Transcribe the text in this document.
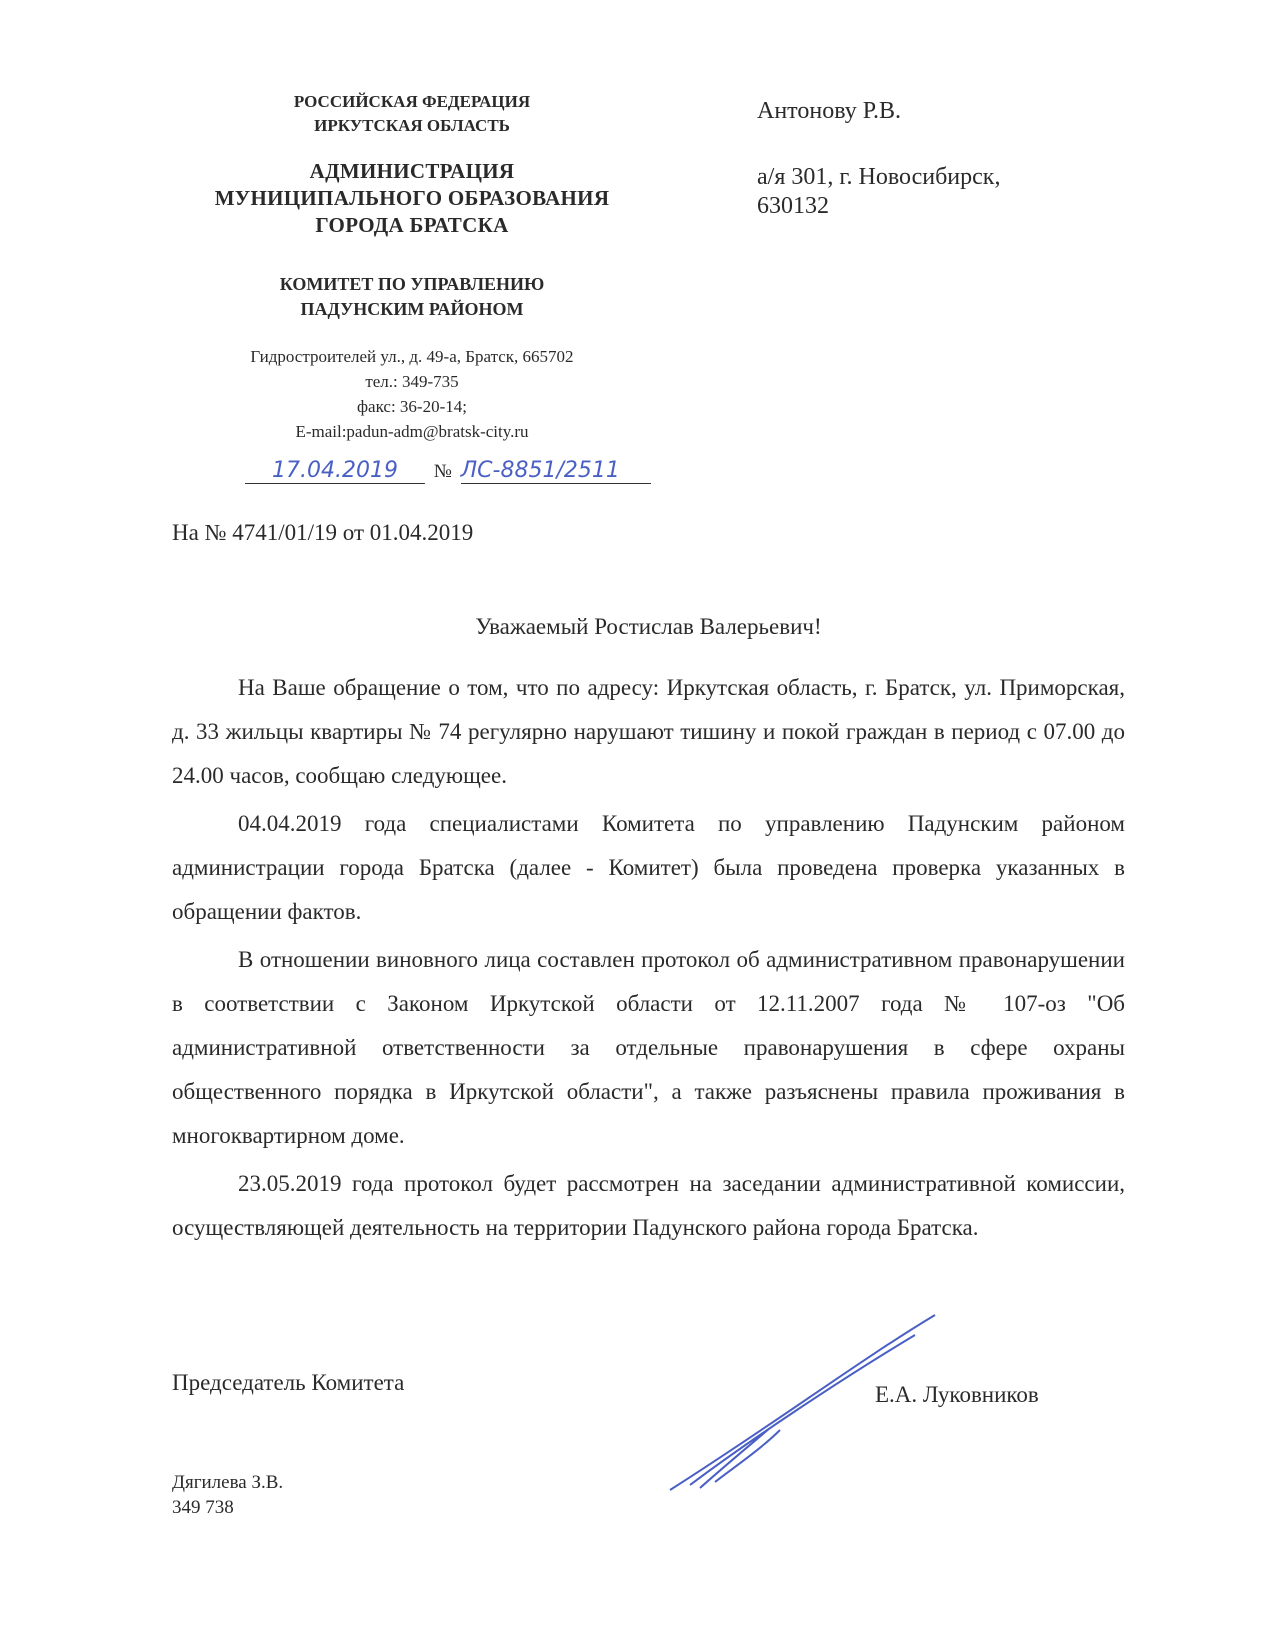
РОССИЙСКАЯ ФЕДЕРАЦИЯ
ИРКУТСКАЯ ОБЛАСТЬ
АДМИНИСТРАЦИЯ
МУНИЦИПАЛЬНОГО ОБРАЗОВАНИЯ
ГОРОДА БРАТСКА
КОМИТЕТ ПО УПРАВЛЕНИЮ
ПАДУНСКИМ РАЙОНОМ
Гидростроителей ул., д. 49-а, Братск, 665702
тел.: 349-735
факс: 36-20-14;
E-mail:padun-adm@bratsk-city.ru
17.04.2019 № ЛС-8851/2511
На № 4741/01/19 от 01.04.2019
Антонову Р.В.
а/я 301, г. Новосибирск,
630132
Уважаемый Ростислав Валерьевич!

На Ваше обращение о том, что по адресу: Иркутская область, г. Братск, ул. Приморская, д. 33 жильцы квартиры № 74 регулярно нарушают тишину и покой граждан в период с 07.00 до 24.00 часов, сообщаю следующее.

04.04.2019 года специалистами Комитета по управлению Падунским районом администрации города Братска (далее - Комитет) была проведена проверка указанных в обращении фактов.

В отношении виновного лица составлен протокол об административном правонарушении в соответствии с Законом Иркутской области от 12.11.2007 года № 107-оз "Об административной ответственности за отдельные правонарушения в сфере охраны общественного порядка в Иркутской области", а также разъяснены правила проживания в многоквартирном доме.

23.05.2019 года протокол будет рассмотрен на заседании административной комиссии, осуществляющей деятельность на территории Падунского района города Братска.

Председатель Комитета	Е.А. Луковников
Дягилева З.В.
349 738
